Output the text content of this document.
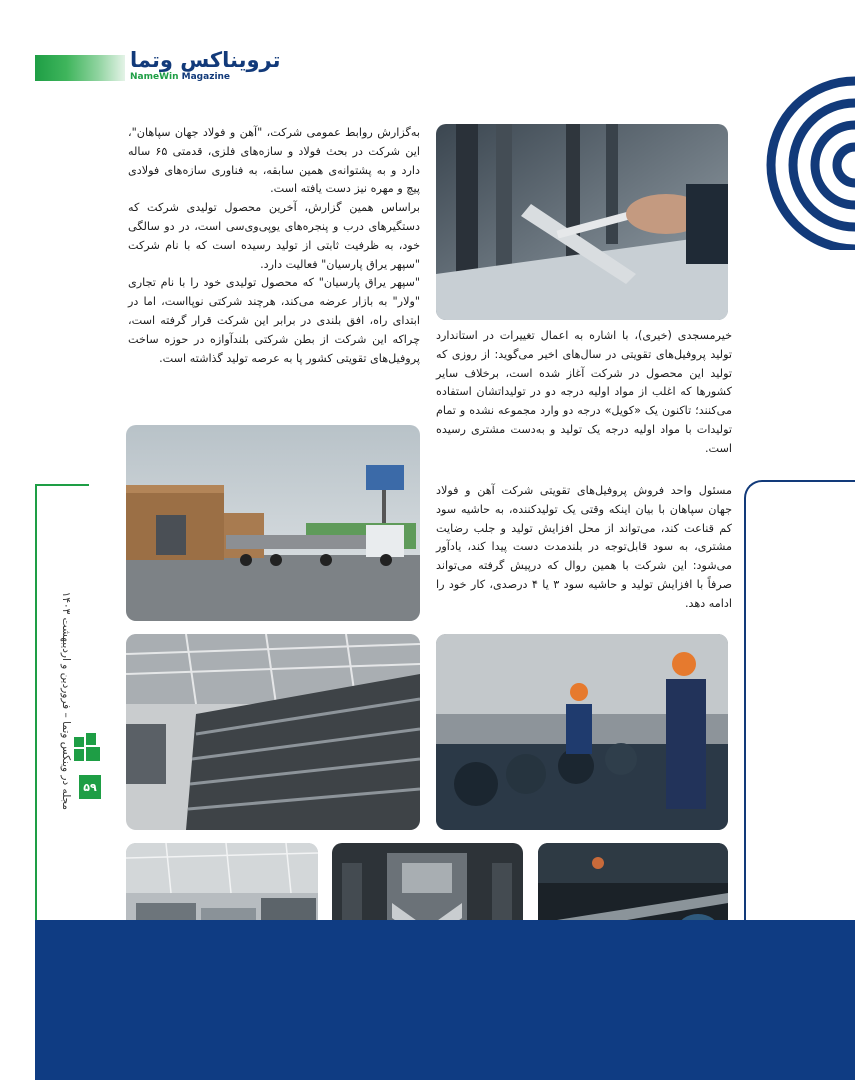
ترویناکس وتما
NameWin Magazine

به‌گزارش روابط عمومی شرکت، "آهن و فولاد جهان سپاهان"، این شرکت در بحث فولاد و سازه‌های فلزی، قدمتی ۶۵ ساله دارد و به پشتوانه‌ی همین سابقه، به فناوری سازه‌های فولادی پیچ و مهره نیز دست یافته است.

براساس همین گزارش، آخرین محصول تولیدی شرکت که دستگیرهای درب و پنجره‌های یوپی‌وی‌سی است، در دو سالگی خود، به ظرفیت ثابتی از تولید رسیده است که با نام شرکت "سپهر یراق پارسیان" فعالیت دارد.

"سپهر یراق پارسیان" که محصول تولیدی خود را با نام تجاری "ولار" به بازار عرضه می‌کند، هرچند شرکتی نوپااست، اما در ابتدای راه، افق بلندی در برابر این شرکت قرار گرفته است، چراکه این شرکت از بطن شرکتی بلندآوازه در حوزه ساخت پروفیل‌های تقویتی کشور پا به عرصه تولید گذاشته است.

خیرمسجدی (خیری)، با اشاره به اعمال تغییرات در استاندارد تولید پروفیل‌های تقویتی در سال‌های اخیر می‌گوید: از روزی که تولید این محصول در شرکت آغاز شده است، برخلاف سایر کشورها که اغلب از مواد اولیه درجه دو در تولیداتشان استفاده می‌کنند؛ تاکنون یک «کویل» درجه دو وارد مجموعه نشده و تمام تولیدات با مواد اولیه درجه یک تولید و به‌دست مشتری رسیده است.

مسئول واحد فروش پروفیل‌های تقویتی شرکت آهن و فولاد جهان سپاهان با بیان اینکه وقتی یک تولیدکننده، به حاشیه سود کم قناعت کند، می‌تواند از محل افزایش تولید و جلب رضایت مشتری، به سود قابل‌توجه در بلندمدت دست پیدا کند، یادآور می‌شود: این شرکت با همین روال که درپیش گرفته می‌تواند صرفاً با افزایش تولید و حاشیه سود ۳ یا ۴ درصدی، کار خود را ادامه دهد.

مجله در وینکس وتما – فروردین و اردیبهشت ۱۴۰۳	۵۹
